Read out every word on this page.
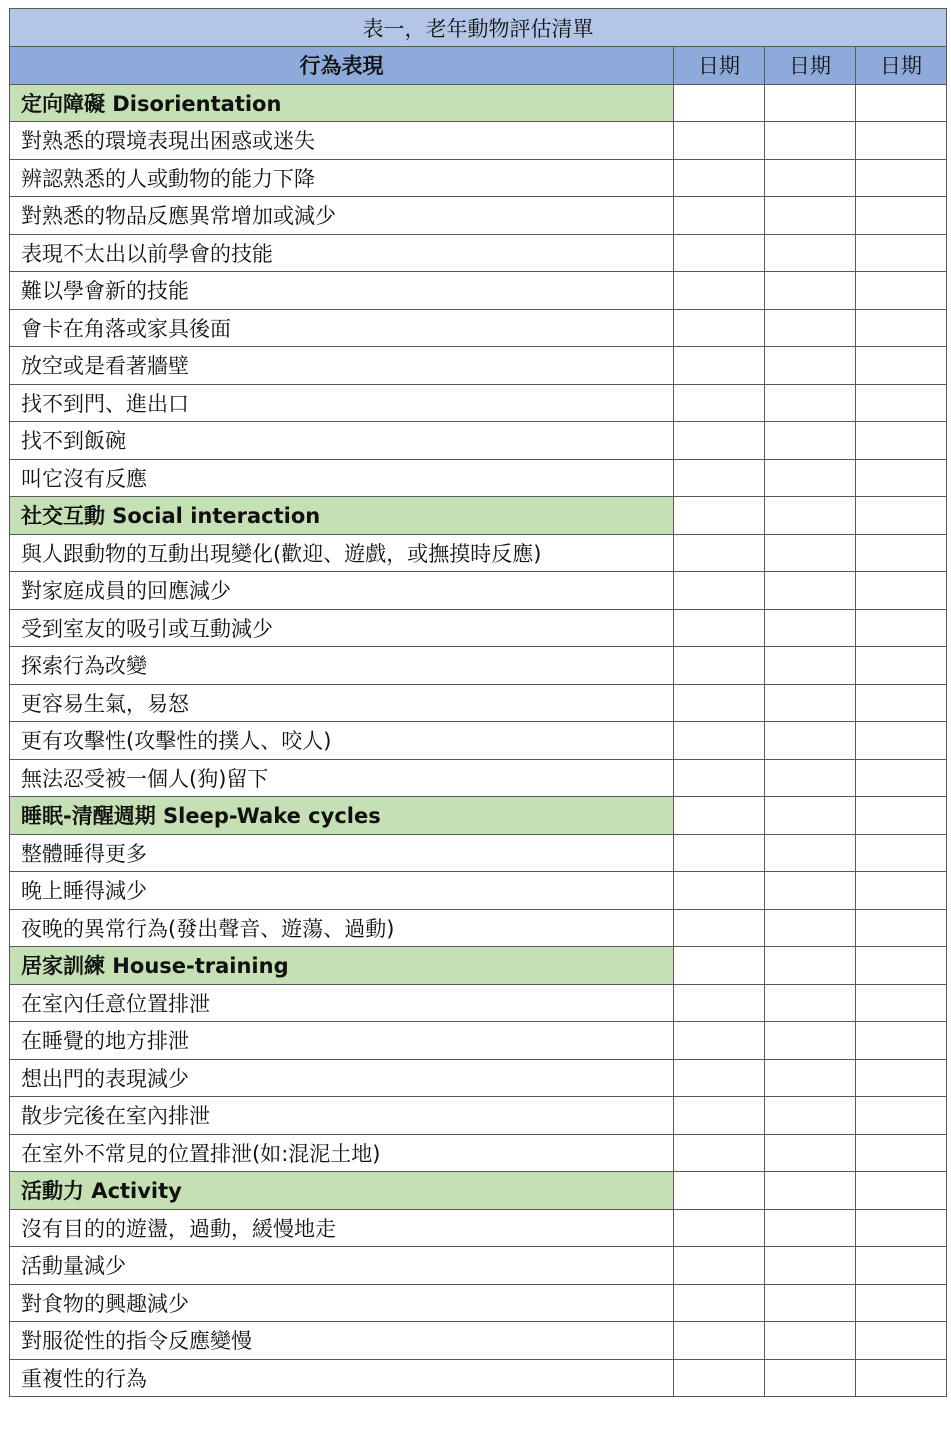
表一，老年動物評估清單			
行為表現	日期	日期	日期
定向障礙 Disorientation			
對熟悉的環境表現出困惑或迷失			
辨認熟悉的人或動物的能力下降			
對熟悉的物品反應異常增加或減少			
表現不太出以前學會的技能			
難以學會新的技能			
會卡在角落或家具後面			
放空或是看著牆壁			
找不到門、進出口			
找不到飯碗			
叫它沒有反應			
社交互動 Social interaction			
與人跟動物的互動出現變化(歡迎、遊戲，或撫摸時反應)			
對家庭成員的回應減少			
受到室友的吸引或互動減少			
探索行為改變			
更容易生氣，易怒			
更有攻擊性(攻擊性的撲人、咬人)			
無法忍受被一個人(狗)留下			
睡眠-清醒週期 Sleep-Wake cycles			
整體睡得更多			
晚上睡得減少			
夜晚的異常行為(發出聲音、遊蕩、過動)			
居家訓練 House-training			
在室內任意位置排泄			
在睡覺的地方排泄			
想出門的表現減少			
散步完後在室內排泄			
在室外不常見的位置排泄(如:混泥土地)			
活動力 Activity			
沒有目的的遊盪，過動，緩慢地走			
活動量減少			
對食物的興趣減少			
對服從性的指令反應變慢			
重複性的行為			
